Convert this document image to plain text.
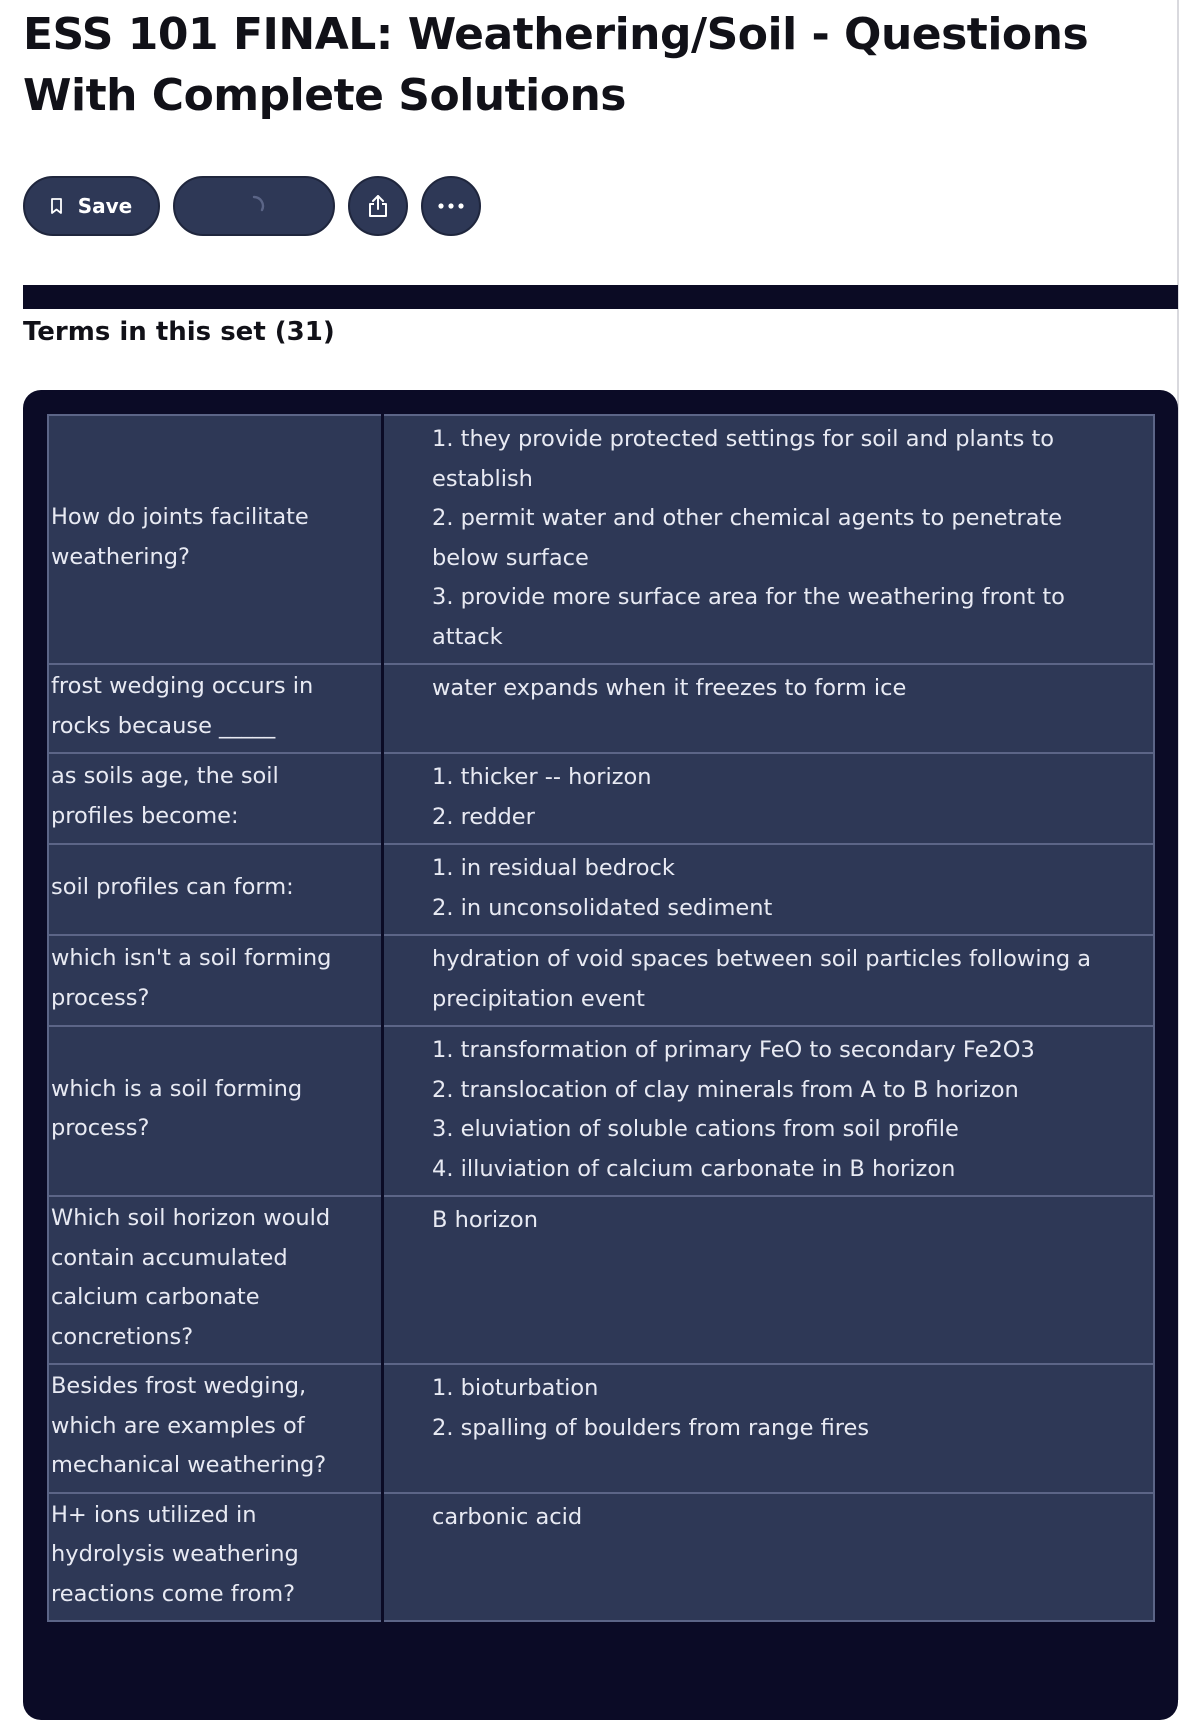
ESS 101 FINAL: Weathering/Soil - Questions With Complete Solutions
Save
Terms in this set (31)
How do joints facilitate weathering?	1. they provide protected settings for soil and plants to establish
2. permit water and other chemical agents to penetrate below surface
3. provide more surface area for the weathering front to attack

frost wedging occurs in rocks because _____	water expands when it freezes to form ice

as soils age, the soil profiles become:	1. thicker -- horizon
2. redder

soil profiles can form:	1. in residual bedrock
2. in unconsolidated sediment

which isn't a soil forming process?	hydration of void spaces between soil particles following a precipitation event

which is a soil forming process?	1. transformation of primary FeO to secondary Fe2O3
2. translocation of clay minerals from A to B horizon
3. eluviation of soluble cations from soil profile
4. illuviation of calcium carbonate in B horizon

Which soil horizon would contain accumulated calcium carbonate concretions?	B horizon

Besides frost wedging, which are examples of mechanical weathering?	1. bioturbation
2. spalling of boulders from range fires

H+ ions utilized in hydrolysis weathering reactions come from?	carbonic acid
